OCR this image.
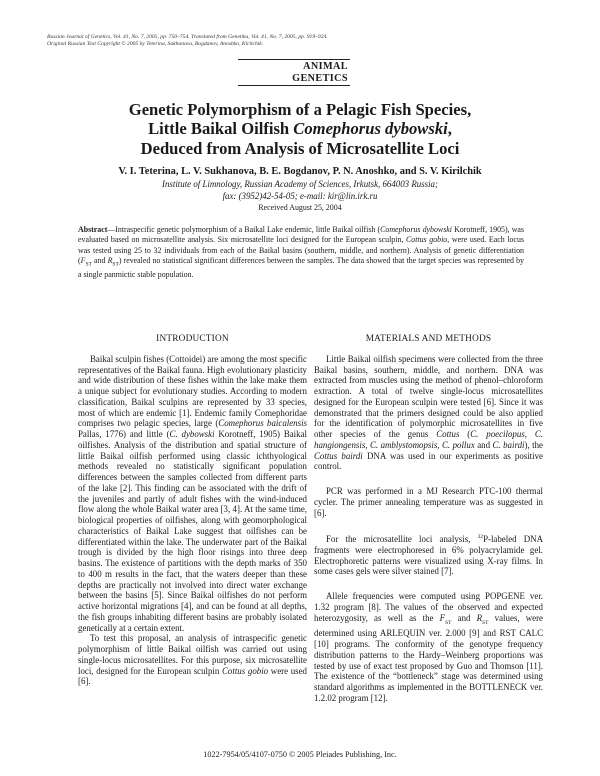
Russian Journal of Genetics, Vol. 41, No. 7, 2005, pp. 750–754. Translated from Genetika, Vol. 41, No. 7, 2005, pp. 919–924.
Original Russian Text Copyright © 2005 by Teterina, Sukhanova, Bogdanov, Anoshko, Kirilchik.
ANIMAL
GENETICS
Genetic Polymorphism of a Pelagic Fish Species,
Little Baikal Oilfish Comephorus dybowski,
Deduced from Analysis of Microsatellite Loci
V. I. Teterina, L. V. Sukhanova, B. E. Bogdanov, P. N. Anoshko, and S. V. Kirilchik
Institute of Limnology, Russian Academy of Sciences, Irkutsk, 664003 Russia;
fax: (3952)42-54-05; e-mail: kir@lin.irk.ru
Received August 25, 2004
Abstract—Intraspecific genetic polymorphism of a Baikal Lake endemic, little Baikal oilfish (Comephorus dybowski Korotneff, 1905), was evaluated based on microsatellite analysis. Six microsatellite loci designed for the European sculpin, Cottus gobio, were used. Each locus was tested using 25 to 32 individuals from each of the Baikal basins (southern, middle, and northern). Analysis of genetic differentiation ($F_{ST}$ and $R_{ST}$) revealed no statistical significant differences between the samples. The data showed that the target species was represented by a single panmictic stable population.
INTRODUCTION

Baikal sculpin fishes (Cottoidei) are among the most specific representatives of the Baikal fauna. High evolutionary plasticity and wide distribution of these fishes within the lake make them a unique subject for evolutionary studies. According to modern classification, Baikal sculpins are represented by 33 species, most of which are endemic [1]. Endemic family Comephoridae comprises two pelagic species, large (Comephorus baicalensis Pallas, 1776) and little (C. dybowski Korotneff, 1905) Baikal oilfishes. Analysis of the distribution and spatial structure of little Baikal oilfish performed using classic ichthyological methods revealed no statistically significant population differences between the samples collected from different parts of the lake [2]. This finding can be associated with the drift of the juveniles and partly of adult fishes with the wind-induced flow along the whole Baikal water area [3, 4]. At the same time, biological properties of oilfishes, along with geomorphological characteristics of Baikal Lake suggest that oilfishes can be differentiated within the lake. The underwater part of the Baikal trough is divided by the high floor risings into three deep basins. The existence of partitions with the depth marks of 350 to 400 m results in the fact, that the waters deeper than these depths are practically not involved into direct water exchange between the basins [5]. Since Baikal oilfishes do not perform active horizontal migrations [4], and can be found at all depths, the fish groups inhabiting different basins are probably isolated genetically at a certain extent.

To test this proposal, an analysis of intraspecific genetic polymorphism of little Baikal oilfish was carried out using single-locus microsatellites. For this purpose, six microsatellite loci, designed for the European sculpin Cottus gobio were used [6].

MATERIALS AND METHODS

Little Baikal oilfish specimens were collected from the three Baikal basins, southern, middle, and northern. DNA was extracted from muscles using the method of phenol–chloroform extraction. A total of twelve single-locus microsatellites designed for the European sculpin were tested [6]. Since it was demonstrated that the primers designed could be also applied for the identification of polymorphic microsatellites in five other species of the genus Cottus (C. poecilopus, C. hangiongensis, C. amblystomopsis, C. pollux and C. bairdi), the Cottus bairdi DNA was used in our experiments as positive control.

PCR was performed in a MJ Research PTC-100 thermal cycler. The primer annealing temperature was as suggested in [6].

For the microsatellite loci analysis, $^{32}$P-labeled DNA fragments were electrophoresed in 6% polyacrylamide gel. Electrophoretic patterns were visualized using X-ray films. In some cases gels were silver stained [7].

Allele frequencies were computed using POPGENE ver. 1.32 program [8]. The values of the observed and expected heterozygosity, as well as the $F_{ST}$ and $R_{ST}$ values, were determined using ARLEQUIN ver. 2.000 [9] and RST CALC [10] programs. The conformity of the genotype frequency distribution patterns to the Hardy–Weinberg proportions was tested by use of exact test proposed by Guo and Thomson [11]. The existence of the “bottleneck” stage was determined using standard algorithms as implemented in the BOTTLENECK ver. 1.2.02 program [12].

1022-7954/05/4107-0750 © 2005 Pleiades Publishing, Inc.
